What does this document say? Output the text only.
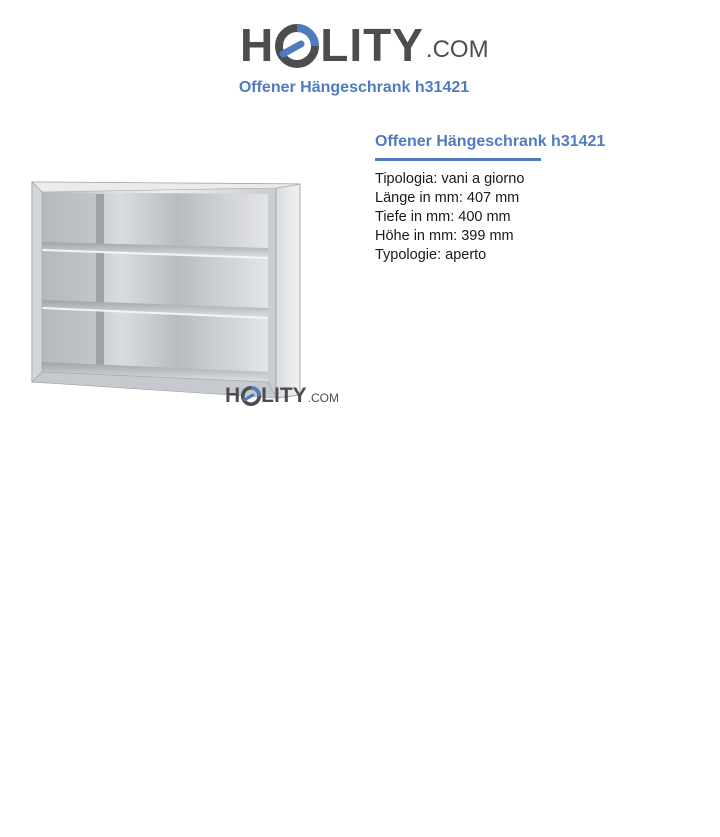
H LITY .COM
Offener Hängeschrank h31421
H LITY .COM
Offener Hängeschrank h31421
Tipologia: vani a giorno
Länge in mm: 407 mm
Tiefe in mm: 400 mm
Höhe in mm: 399 mm
Typologie: aperto
